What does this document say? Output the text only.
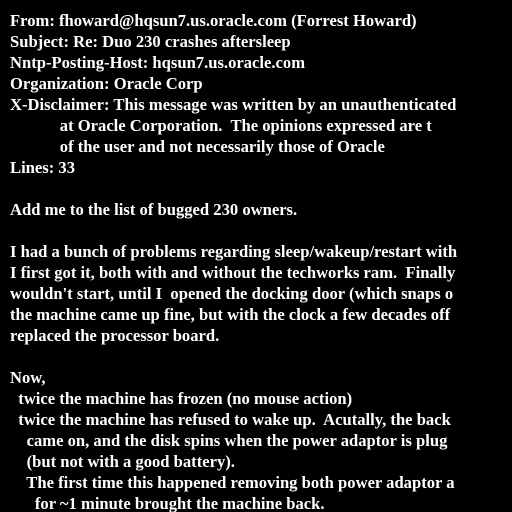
From: fhoward@hqsun7.us.oracle.com (Forrest Howard)
Subject: Re: Duo 230 crashes aftersleep
Nntp-Posting-Host: hqsun7.us.oracle.com
Organization: Oracle Corp
X-Disclaimer: This message was written by an unauthenticated
at Oracle Corporation.  The opinions expressed are t
of the user and not necessarily those of Oracle
Lines: 33
Add me to the list of bugged 230 owners.
I had a bunch of problems regarding sleep/wakeup/restart with
I first got it, both with and without the techworks ram.  Finally
wouldn't start, until I  opened the docking door (which snaps o
the machine came up fine, but with the clock a few decades off
replaced the processor board.
Now,
twice the machine has frozen (no mouse action)
twice the machine has refused to wake up.  Acutally, the back
came on, and the disk spins when the power adaptor is plug
(but not with a good battery).
The first time this happened removing both power adaptor a
for ~1 minute brought the machine back.
